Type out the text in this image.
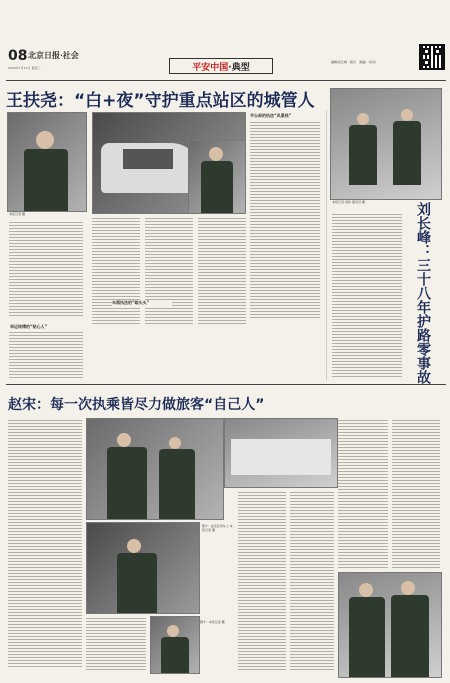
08 北京日报·社会
2009年7月15日 星期三	平安中国 ·典型
编辑/张红梅 版式 美编/ 校对/
王扶尧：“白+夜”守护重点站区的城管人
本报记者 摄
平台却的执法“风景线”
车祸执法的“暗头头”
幸运埃博的“贴心人”
本报记者 杨欣 通讯员 摄	刘长峰：三十八年护路零事故
赵宋：每一次执乘皆尽力做旅客“自己人”
图①：赵宋在列车上 本报记者 摄
图②：本报记者 摄
